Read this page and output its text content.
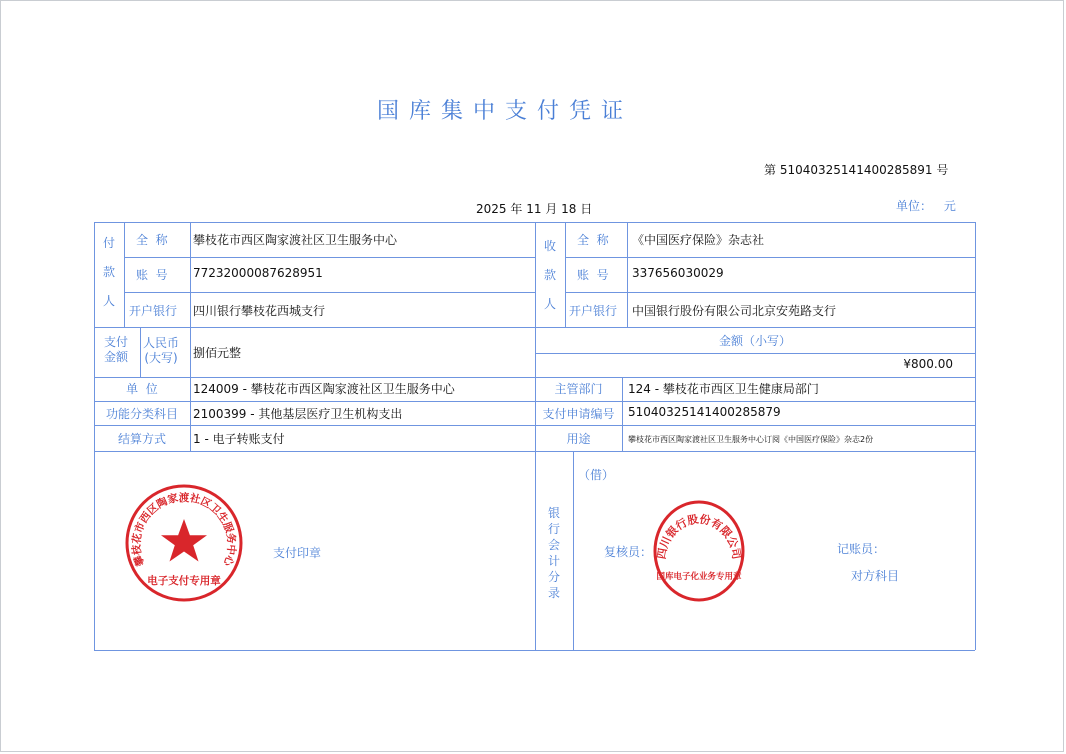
国库集中支付凭证
第 51040325141400285891 号
2025 年 11 月 18 日	单位： 元
付
款
人
全  称 攀枝花市西区陶家渡社区卫生服务中心
账  号 77232000087628951
开户银行 四川银行攀枝花西城支行
收
款
人
全  称 《中国医疗保险》杂志社
账  号 337656030029
开户银行 中国银行股份有限公司北京安苑路支行
支付
金额
人民币
(大写) 捌佰元整
金额（小写）
¥800.00
单  位	124009 - 攀枝花市西区陶家渡社区卫生服务中心	主管部门	124 - 攀枝花市西区卫生健康局部门
功能分类科目	2100399 - 其他基层医疗卫生机构支出	支付申请编号	51040325141400285879
结算方式	1 - 电子转账支付	用途	攀枝花市西区陶家渡社区卫生服务中心订阅《中国医疗保险》杂志2份
支付印章
银
行
会
计
分
录
（借）
复核员：	记账员：
对方科目
攀枝花市西区陶家渡社区卫生服务中心
电子支付专用章
四川银行股份有限公司
国库电子化业务专用章
